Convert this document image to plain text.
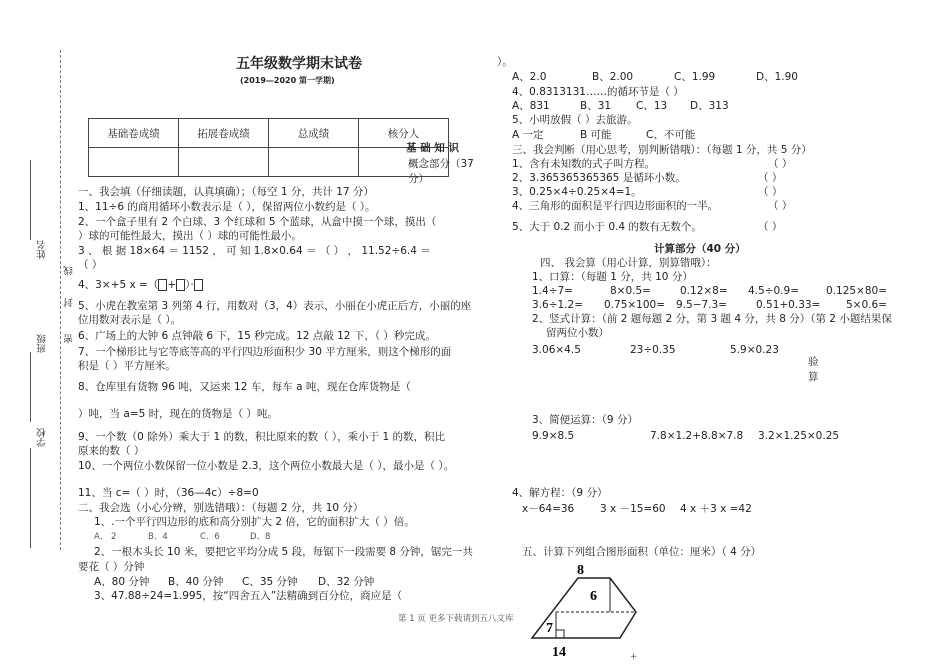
姓名
线
封
班级 密
学校
五年级数学期末试卷
(2019—2020 第一学期)
基础卷成绩	拓展卷成绩	总成绩	核分人

基 础 知 识
概念部分（37
分）
一、我会填（仔细读题，认真填确）；（每空 1 分，共计 17 分）
1、11÷6 的商用循环小数表示是（ ），保留两位小数约是（ ）。
2、一个盒子里有 2 个白球、3 个红球和 5 个蓝球，从盒中摸一个球，摸出（
）球的可能性最大，摸出（ ）球的可能性最小。
3 、 根 据 18×64 ＝ 1152 ， 可 知 1.8×0.64 ＝ （ ） ， 11.52÷6.4 ＝
（ ）
4、3×+5 x =（ + ）·
5、小虎在教室第 3 列第 4 行，用数对（3，4）表示，小丽在小虎正后方，小丽的座
位用数对表示是（ ）。
6、广场上的大钟 6 点钟敲 6 下，15 秒完成。12 点敲 12 下，（ ）秒完成。
7、一个梯形比与它等底等高的平行四边形面积少 30 平方厘米，则这个梯形的面
积是（ ）平方厘米。
8、仓库里有货物 96 吨，又运来 12 车，每车 a 吨，现在仓库货物是（
）吨，当 a=5 时，现在的货物是（ ）吨。
9、一个数（0 除外）乘大于 1 的数，积比原来的数（ ），乘小于 1 的数，积比
原来的数（ ）
10、一个两位小数保留一位小数是 2.3，这个两位小数最大是（ ），最小是（ ）。
11、当 c=（ ）时，（36—4c）÷8=0
二、我会选（小心分辨，别选错哦）：（每题 2 分，共 10 分）
1、.一个平行四边形的底和高分别扩大 2 倍，它的面积扩大（ ）倍。
A、 2	B、4	C、6	D、8
2、一根木头长 10 米，要把它平均分成 5 段，每锯下一段需要 8 分钟，锯完一共
要花（ ）分钟
A、80 分钟 B、40 分钟 C、35 分钟 D、32 分钟
3、47.88÷24=1.995，按“四舍五入”法精确到百分位，商应是（
）。
A、2.0	B、2.00	C、1.99	D、1.90
4、0.8313131……的循环节是（ ）
A、831	B、31 C、13 D、313
5、小明放假（ ）去旅游。
A 一定	B 可能	C、不可能
三、我会判断（用心思考，别判断错哦）：（每题 1 分，共 5 分）
1、含有未知数的式子叫方程。	（ ）
2、3.365365365365 是循环小数。	（ ）
3、0.25×4÷0.25×4=1。	（ ）
4、三角形的面积是平行四边形面积的一半。	（ ）
5、大于 0.2 而小于 0.4 的数有无数个。	（ ）
计算部分（40 分）
四、 我会算（用心计算，别算错哦）：
1、口算：（每题 1 分，共 10 分）
1.4÷7=	8×0.5=	0.12×8= 4.5÷0.9=	0.125×80=
3.6÷1.2= 0.75×100= 9.5−7.3=	0.51+0.33= 5×0.6=
2、竖式计算：（前 2 题每题 2 分，第 3 题 4 分，共 8 分）（第 2 小题结果保
留两位小数）
3.06×4.5	23÷0.35	5.9×0.23
验
算
3、简便运算：（9 分）
9.9×8.5	7.8×1.2+8.8×7.8 3.2×1.25×0.25
4、解方程：（9 分）
x－64=36 3 x －15=60 4 x ＋3 x =42
五、计算下列组合图形面积（单位：厘米）（ 4 分）
8
6
7
14
第 1 页 更多下载请到五八文库
+
